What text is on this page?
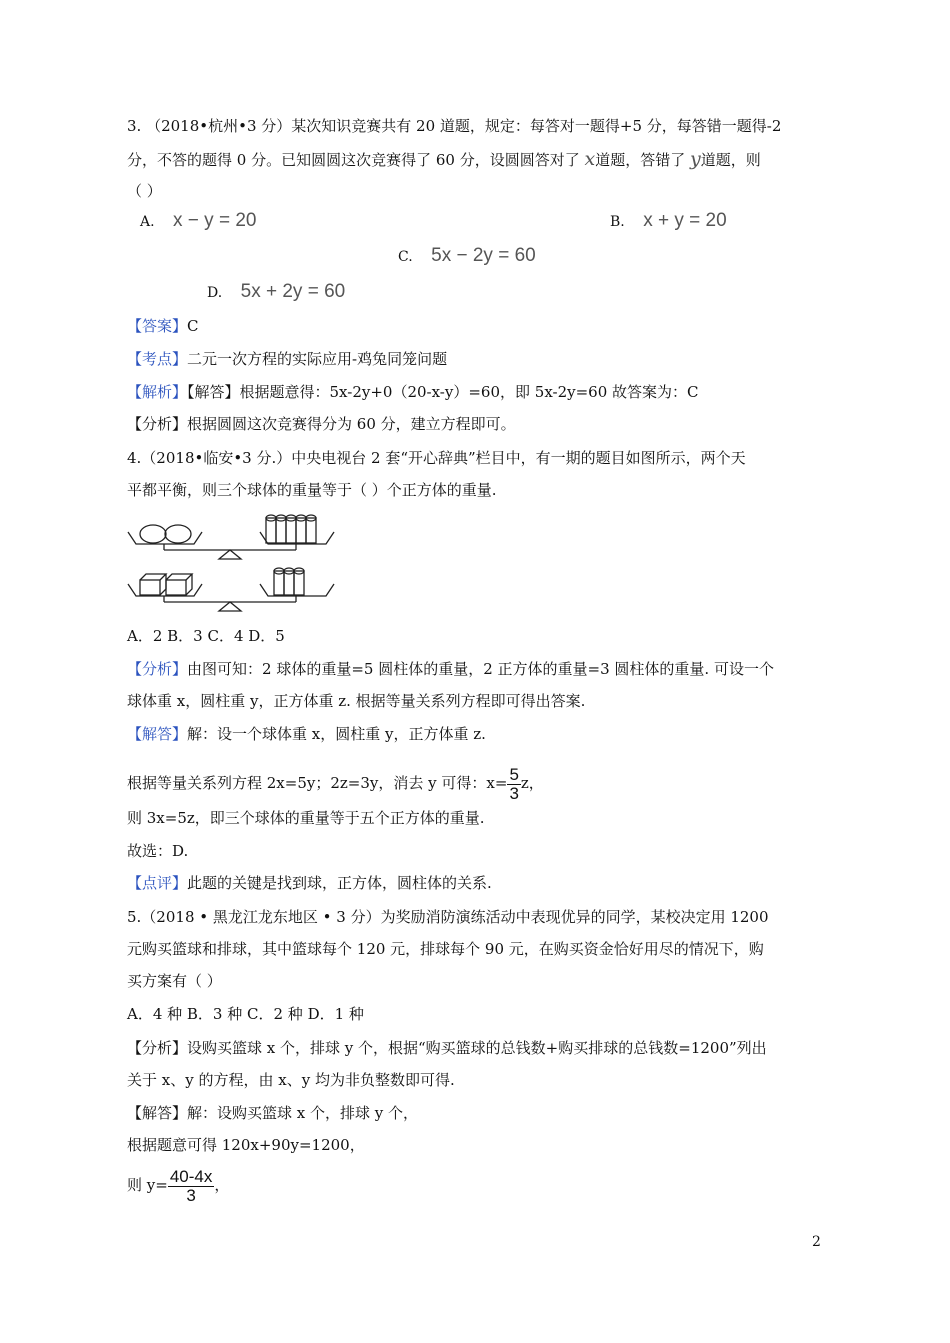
3. （2018•杭州•3 分）某次知识竞赛共有 20 道题，规定：每答对一题得+5 分，每答错一题得-2
分，不答的题得 0 分。已知圆圆这次竞赛得了 60 分，设圆圆答对了 x道题，答错了 y道题，则
（ ）
A. x − y = 20	B. x + y = 20
C. 5x − 2y = 60
D. 5x + 2y = 60
【答案】C
【考点】二元一次方程的实际应用-鸡兔同笼问题
【解析】【解答】根据题意得：5x-2y+0（20-x-y）=60，即 5x-2y=60 故答案为：C
【分析】根据圆圆这次竞赛得分为 60 分，建立方程即可。
4.（2018•临安•3 分.）中央电视台 2 套“开心辞典”栏目中，有一期的题目如图所示，两个天
平都平衡，则三个球体的重量等于（ ）个正方体的重量.
A．2 B．3 C．4 D．5
【分析】由图可知：2 球体的重量=5 圆柱体的重量，2 正方体的重量=3 圆柱体的重量. 可设一个
球体重 x，圆柱重 y，正方体重 z. 根据等量关系列方程即可得出答案.
【解答】解：设一个球体重 x，圆柱重 y，正方体重 z.
根据等量关系列方程 2x=5y；2z=3y，消去 y 可得：$x= \frac{5}{3}$ z，
则 3x=5z，即三个球体的重量等于五个正方体的重量.
故选：D.
【点评】此题的关键是找到球，正方体，圆柱体的关系.
5.（2018 • 黑龙江龙东地区 • 3 分）为奖励消防演练活动中表现优异的同学，某校决定用 1200
元购买篮球和排球，其中篮球每个 120 元，排球每个 90 元，在购买资金恰好用尽的情况下，购
买方案有（ ）
A．4 种 B．3 种 C．2 种 D．1 种
【分析】设购买篮球 x 个，排球 y 个，根据“购买篮球的总钱数+购买排球的总钱数=1200”列出
关于 x、y 的方程，由 x、y 均为非负整数即可得.
【解答】解：设购买篮球 x 个，排球 y 个，
根据题意可得 120x+90y=1200，
则 $y= \frac{40-4x}{3}$ ，
2
